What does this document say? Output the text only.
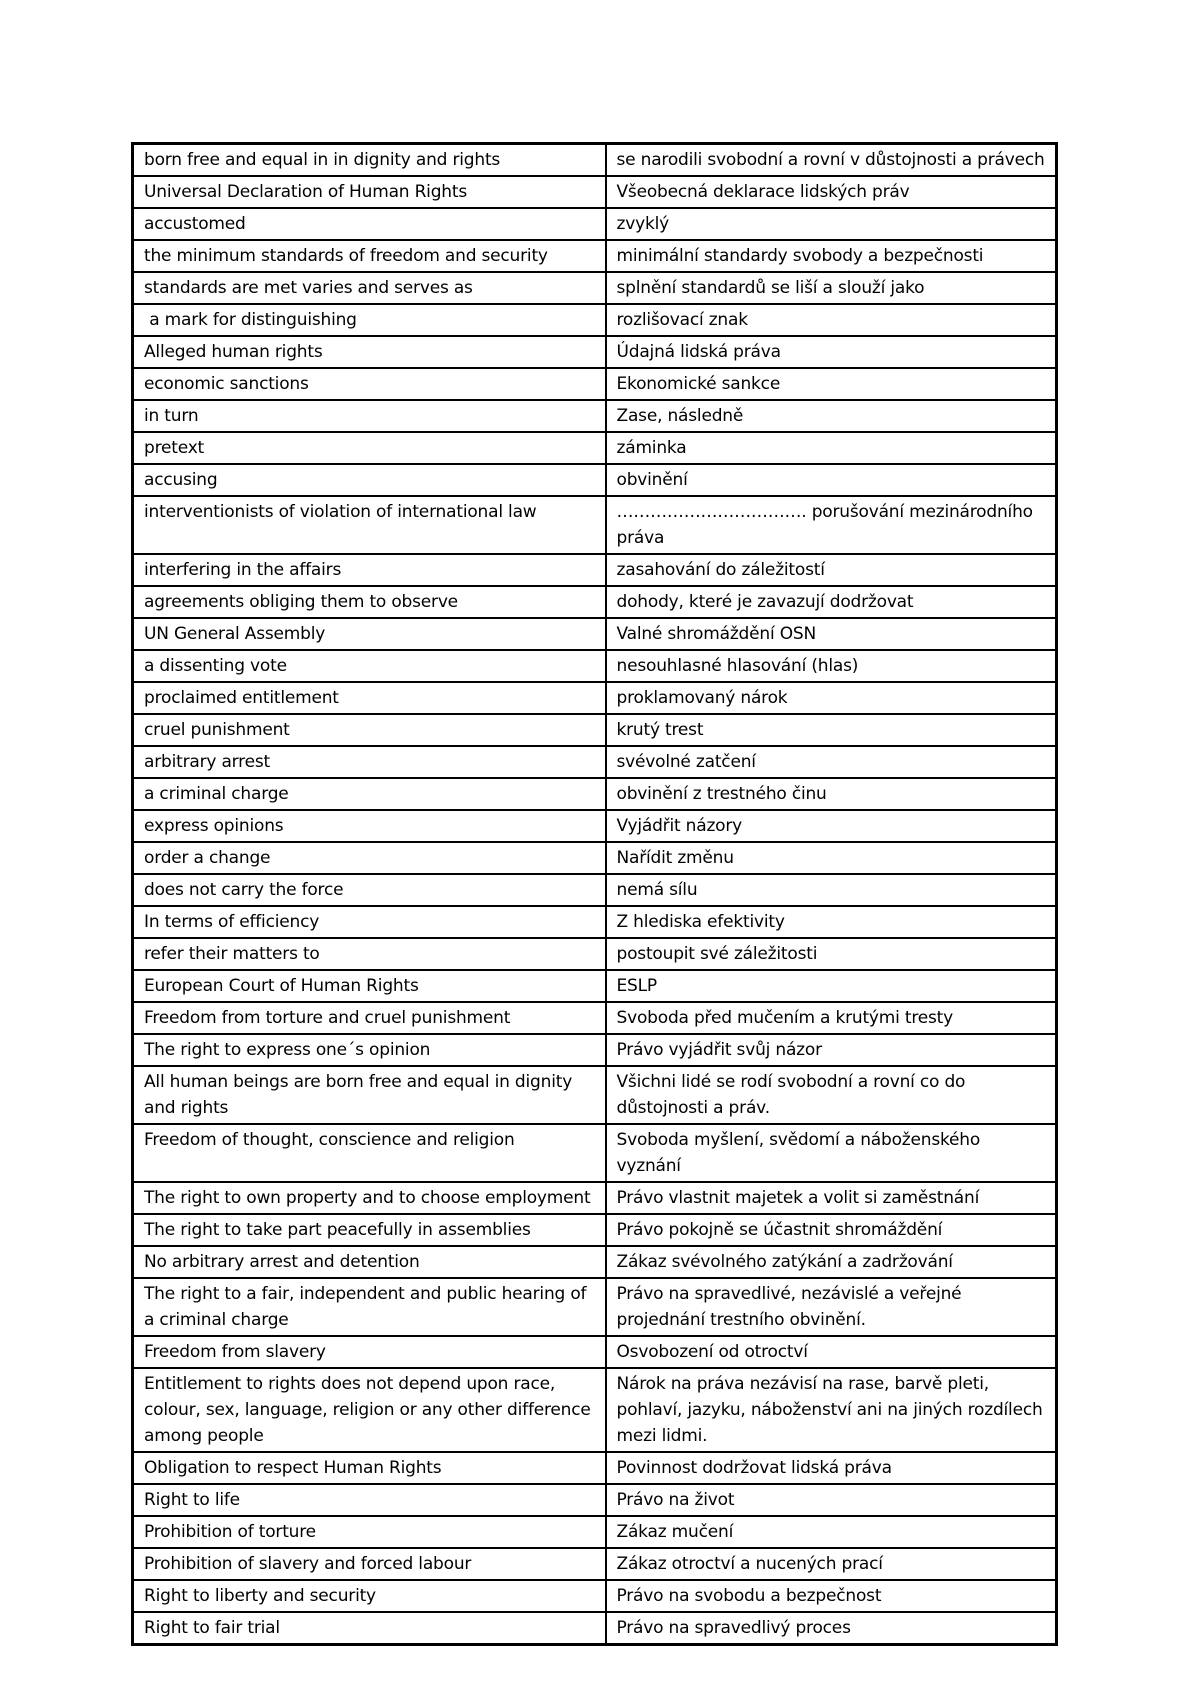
born free and equal in in dignity and rights	se narodili svobodní a rovní v důstojnosti a právech
Universal Declaration of Human Rights	Všeobecná deklarace lidských práv
accustomed	zvyklý
the minimum standards of freedom and security	minimální standardy svobody a bezpečnosti
standards are met varies and serves as	splnění standardů se liší a slouží jako
a mark for distinguishing	rozlišovací znak
Alleged human rights	Údajná lidská práva
economic sanctions	Ekonomické sankce
in turn	Zase, následně
pretext	záminka
accusing	obvinění
interventionists of violation of international law	……………………………. porušování mezinárodního práva
interfering in the affairs	zasahování do záležitostí
agreements obliging them to observe	dohody, které je zavazují dodržovat
UN General Assembly	Valné shromáždění OSN
a dissenting vote	nesouhlasné hlasování (hlas)
proclaimed entitlement	proklamovaný nárok
cruel punishment	krutý trest
arbitrary arrest	svévolné zatčení
a criminal charge	obvinění z trestného činu
express opinions	Vyjádřit názory
order a change	Nařídit změnu
does not carry the force	nemá sílu
In terms of efficiency	Z hlediska efektivity
refer their matters to	postoupit své záležitosti
European Court of Human Rights	ESLP
Freedom from torture and cruel punishment	Svoboda před mučením a krutými tresty
The right to express one´s opinion	Právo vyjádřit svůj názor
All human beings are born free and equal in dignity and rights	Všichni lidé se rodí svobodní a rovní co do důstojnosti a práv.
Freedom of thought, conscience and religion	Svoboda myšlení, svědomí a náboženského vyznání
The right to own property and to choose employment	Právo vlastnit majetek a volit si zaměstnání
The right to take part peacefully in assemblies	Právo pokojně se účastnit shromáždění
No arbitrary arrest and detention	Zákaz svévolného zatýkání a zadržování
The right to a fair, independent and public hearing of a criminal charge	Právo na spravedlivé, nezávislé a veřejné projednání trestního obvinění.
Freedom from slavery	Osvobození od otroctví
Entitlement to rights does not depend upon race, colour, sex, language, religion or any other difference among people	Nárok na práva nezávisí na rase, barvě pleti, pohlaví, jazyku, náboženství ani na jiných rozdílech mezi lidmi.
Obligation to respect Human Rights	Povinnost dodržovat lidská práva
Right to life	Právo na život
Prohibition of torture	Zákaz mučení
Prohibition of slavery and forced labour	Zákaz otroctví a nucených prací
Right to liberty and security	Právo na svobodu a bezpečnost
Right to fair trial	Právo na spravedlivý proces
